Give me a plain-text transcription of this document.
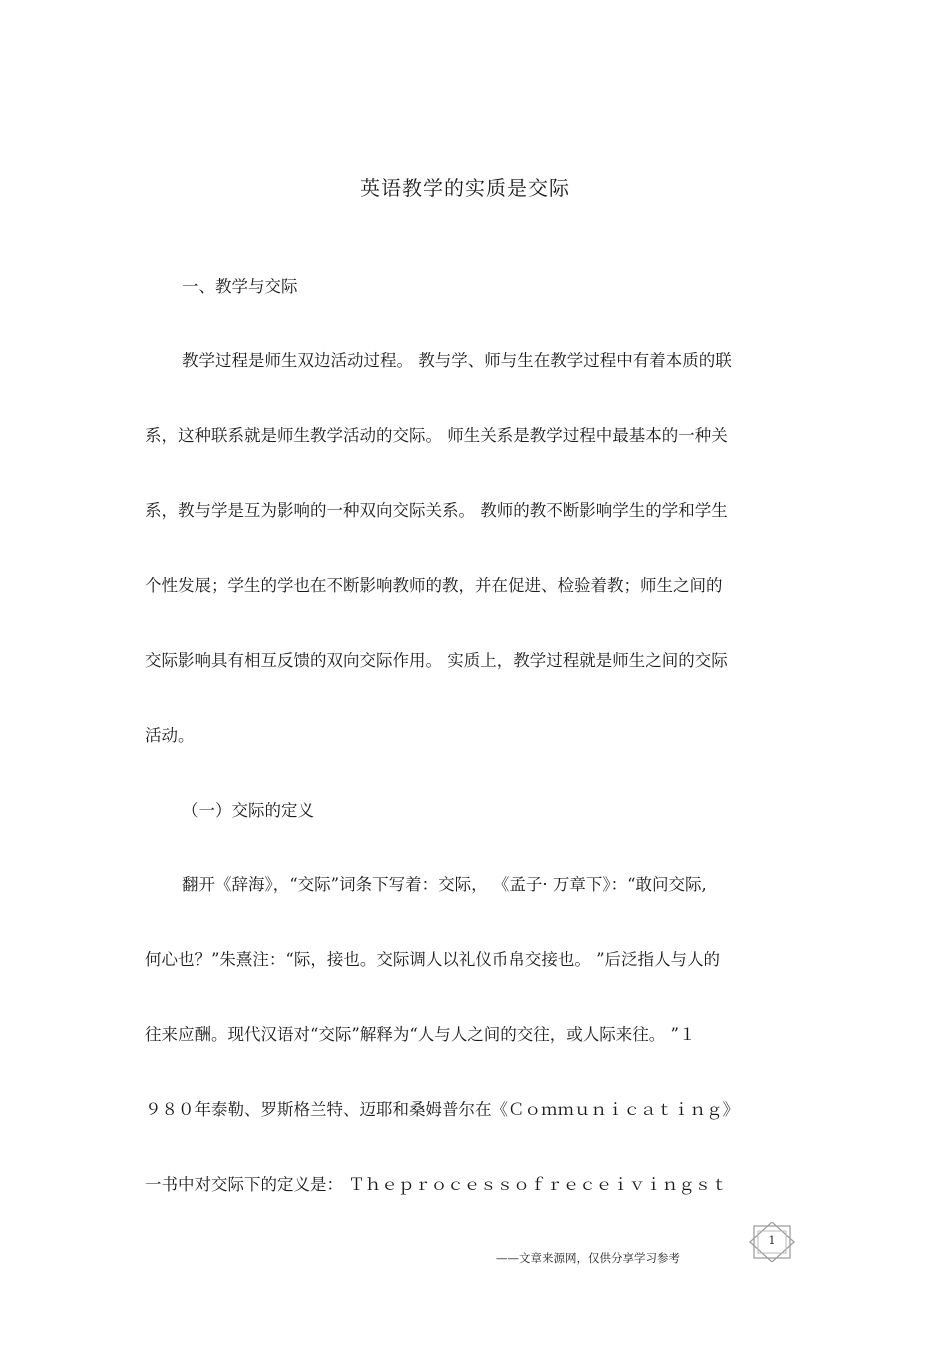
英语教学的实质是交际
一、教学与交际
教学过程是师生双边活动过程。 教与学、师与生在教学过程中有着本质的联
系，这种联系就是师生教学活动的交际。 师生关系是教学过程中最基本的一种关
系，教与学是互为影响的一种双向交际关系。 教师的教不断影响学生的学和学生
个性发展；学生的学也在不断影响教师的教，并在促进、检验着教；师生之间的
交际影响具有相互反馈的双向交际作用。 实质上，教学过程就是师生之间的交际
活动。
（一）交际的定义
翻开《辞海》，“交际”词条下写着：交际， 《孟子· 万章下》：“敢问交际,
何心也？”朱熹注：“际，接也。交际调人以礼仪币帛交接也。 ”后泛指人与人的
往来应酬。现代汉语对“交际”解释为“人与人之间的交往，或人际来往。 ”１
９８０年泰勒、罗斯格兰特、迈耶和桑姆普尔在《Ｃｏｍｍｕｎｉｃａｔｉｎｇ》
一书中对交际下的定义是： Ｔｈｅｐｒｏｃｅｓｓｏｆｒｅｃｅｉｖｉｎｇｓｔ
1
——文章来源网，仅供分享学习参考
